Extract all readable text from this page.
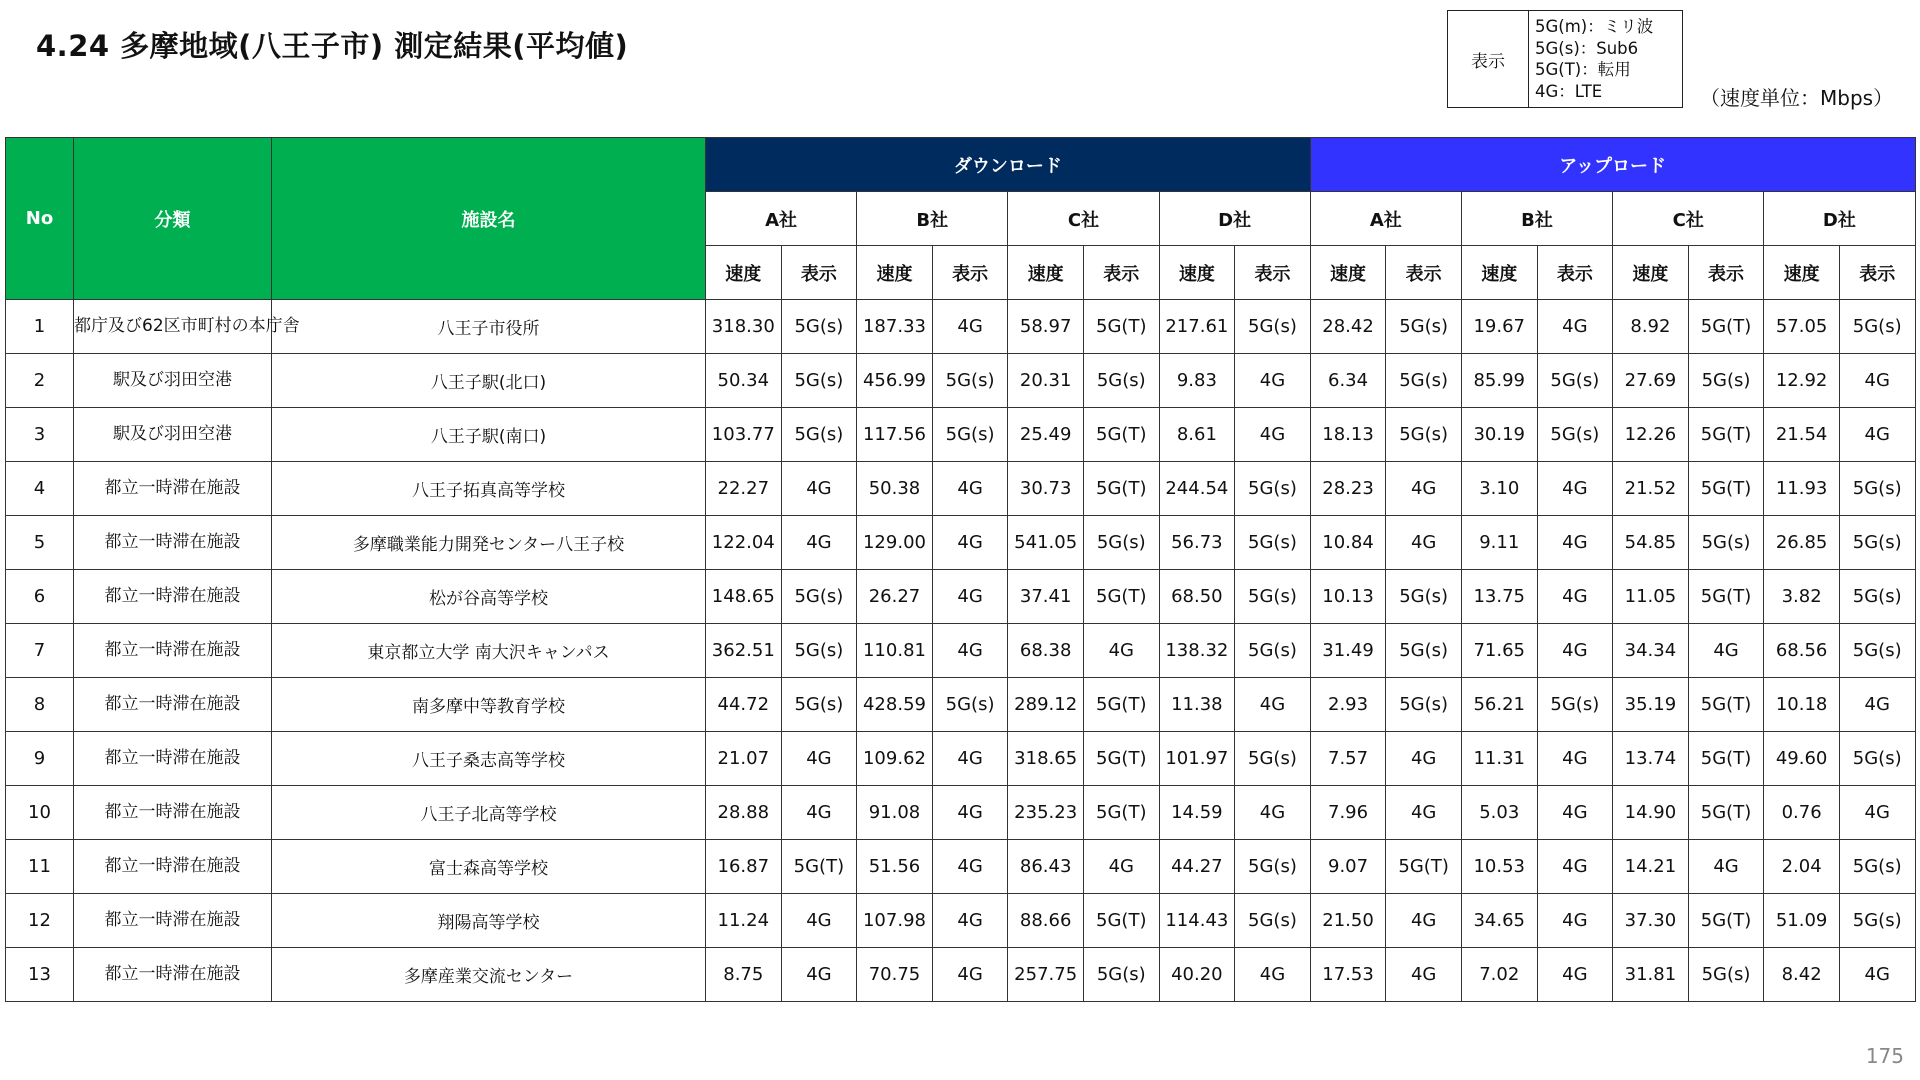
4.24 多摩地域(八王子市) 測定結果(平均値)	表示
5G(m)：ミリ波
5G(s)：Sub6
5G(T)：転用
4G：LTE	（速度単位：Mbps）
No	分類	施設名	ダウンロード								アップロード							
			A社		B社		C社		D社		A社		B社		C社		D社	
			速度	表示	速度	表示	速度	表示	速度	表示	速度	表示	速度	表示	速度	表示	速度	表示
1	都庁及び62区市町村の本庁舎	八王子市役所	318.30	5G(s)	187.33	4G	58.97	5G(T)	217.61	5G(s)	28.42	5G(s)	19.67	4G	8.92	5G(T)	57.05	5G(s)
2	駅及び羽田空港	八王子駅(北口)	50.34	5G(s)	456.99	5G(s)	20.31	5G(s)	9.83	4G	6.34	5G(s)	85.99	5G(s)	27.69	5G(s)	12.92	4G
3	駅及び羽田空港	八王子駅(南口)	103.77	5G(s)	117.56	5G(s)	25.49	5G(T)	8.61	4G	18.13	5G(s)	30.19	5G(s)	12.26	5G(T)	21.54	4G
4	都立一時滞在施設	八王子拓真高等学校	22.27	4G	50.38	4G	30.73	5G(T)	244.54	5G(s)	28.23	4G	3.10	4G	21.52	5G(T)	11.93	5G(s)
5	都立一時滞在施設	多摩職業能力開発センター八王子校	122.04	4G	129.00	4G	541.05	5G(s)	56.73	5G(s)	10.84	4G	9.11	4G	54.85	5G(s)	26.85	5G(s)
6	都立一時滞在施設	松が谷高等学校	148.65	5G(s)	26.27	4G	37.41	5G(T)	68.50	5G(s)	10.13	5G(s)	13.75	4G	11.05	5G(T)	3.82	5G(s)
7	都立一時滞在施設	東京都立大学 南大沢キャンパス	362.51	5G(s)	110.81	4G	68.38	4G	138.32	5G(s)	31.49	5G(s)	71.65	4G	34.34	4G	68.56	5G(s)
8	都立一時滞在施設	南多摩中等教育学校	44.72	5G(s)	428.59	5G(s)	289.12	5G(T)	11.38	4G	2.93	5G(s)	56.21	5G(s)	35.19	5G(T)	10.18	4G
9	都立一時滞在施設	八王子桑志高等学校	21.07	4G	109.62	4G	318.65	5G(T)	101.97	5G(s)	7.57	4G	11.31	4G	13.74	5G(T)	49.60	5G(s)
10	都立一時滞在施設	八王子北高等学校	28.88	4G	91.08	4G	235.23	5G(T)	14.59	4G	7.96	4G	5.03	4G	14.90	5G(T)	0.76	4G
11	都立一時滞在施設	富士森高等学校	16.87	5G(T)	51.56	4G	86.43	4G	44.27	5G(s)	9.07	5G(T)	10.53	4G	14.21	4G	2.04	5G(s)
12	都立一時滞在施設	翔陽高等学校	11.24	4G	107.98	4G	88.66	5G(T)	114.43	5G(s)	21.50	4G	34.65	4G	37.30	5G(T)	51.09	5G(s)
13	都立一時滞在施設	多摩産業交流センター	8.75	4G	70.75	4G	257.75	5G(s)	40.20	4G	17.53	4G	7.02	4G	31.81	5G(s)	8.42	4G
175
